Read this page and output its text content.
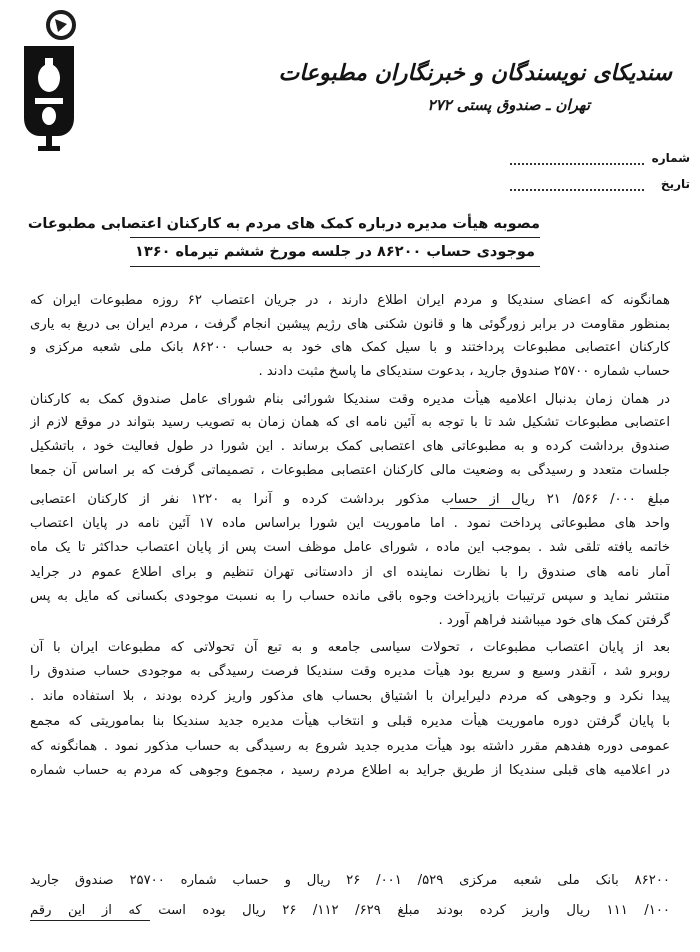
سندیکای نویسندگان و خبرنگاران مطبوعات
تهران ـ صندوق پستی ۲۷۲
شماره
تاریخ
مصوبه هیأت مدیره درباره کمک های مردم به کارکنان اعتصابی مطبوعات
موجودی حساب ۸۶۲۰۰ در جلسه مورخ ششم تیرماه ۱۳۶۰
همانگونه که اعضای سندیکا و مردم ایران اطلاع دارند ، در جریان اعتصاب ۶۲ روزه مطبوعات ایران که
بمنظور مقاومت در برابر زورگوئی ها و قانون شکنی های رژیم پیشین انجام گرفت ، مردم ایران بی دریغ به یاری
کارکنان اعتصابی مطبوعات پرداختند و با سیل کمک های خود به حساب ۸۶۲۰۰ بانک ملی شعبه مرکزی و
حساب شماره ۲۵۷۰۰ صندوق جارید ، بدعوت سندیکای ما پاسخ مثبت دادند .
در همان زمان بدنبال اعلامیه هیأت مدیره وقت سندیکا شورائی بنام شورای عامل صندوق کمک به کارکنان
اعتصابی مطبوعات تشکیل شد تا با توجه به آئین نامه ای که همان زمان به تصویب رسید بتواند در موقع لازم از
صندوق برداشت کرده و به مطبوعاتی های اعتصابی کمک برساند . این شورا در طول فعالیت خود ، باتشکیل
جلسات متعدد و رسیدگی به وضعیت مالی کارکنان اعتصابی مطبوعات ، تصمیماتی گرفت که بر اساس آن جمعا
مبلغ ۰۰۰/ ۵۶۶/ ۲۱ ریال از حساب مذکور برداشت کرده و آنرا به ۱۲۲۰ نفر از کارکنان اعتصابی
واحد های مطبوعاتی پرداخت نمود . اما ماموریت این شورا براساس ماده ۱۷ آئین نامه در پایان اعتصاب
خاتمه یافته تلقی شد . بموجب این ماده ، شورای عامل موظف است پس از پایان اعتصاب حداکثر تا یک ماه
آمار نامه های صندوق را با نظارت نماینده ای از دادستانی تهران تنظیم و برای اطلاع عموم در جراید
منتشر نماید و سپس ترتیبات بازپرداخت وجوه باقی مانده حساب را به نسبت موجودی بکسانی که مایل به پس
گرفتن کمک های خود میباشند فراهم آورد .
بعد از پایان اعتصاب مطبوعات ، تحولات سیاسی جامعه و به تبع آن تحولاتی که مطبوعات ایران با آن
روبرو شد ، آنقدر وسیع و سریع بود هیأت مدیره وقت سندیکا فرصت رسیدگی به موجودی حساب صندوق را
پیدا نکرد و وجوهی که مردم دلیرایران با اشتیاق بحساب های مذکور واریز کرده بودند ، بلا استفاده ماند .
با پایان گرفتن دوره ماموریت هیأت مدیره قبلی و انتخاب هیأت مدیره جدید سندیکا بنا بماموریتی که مجمع
عمومی دوره هفدهم مقرر داشته بود هیأت مدیره جدید شروع به رسیدگی به حساب مذکور نمود . همانگونه که
در اعلامیه های قبلی سندیکا از طریق جراید به اطلاع مردم رسید ، مجموع وجوهی که مردم به حساب شماره
۸۶۲۰۰ بانک ملی شعبه مرکزی ۵۲۹/ ۰۰۱/ ۲۶ ریال و حساب شماره ۲۵۷۰۰ صندوق جارید
۱۰۰/ ۱۱۱ ریال واریز کرده بودند مبلغ ۶۲۹/ ۱۱۲/ ۲۶ ریال بوده است که از این رقم
